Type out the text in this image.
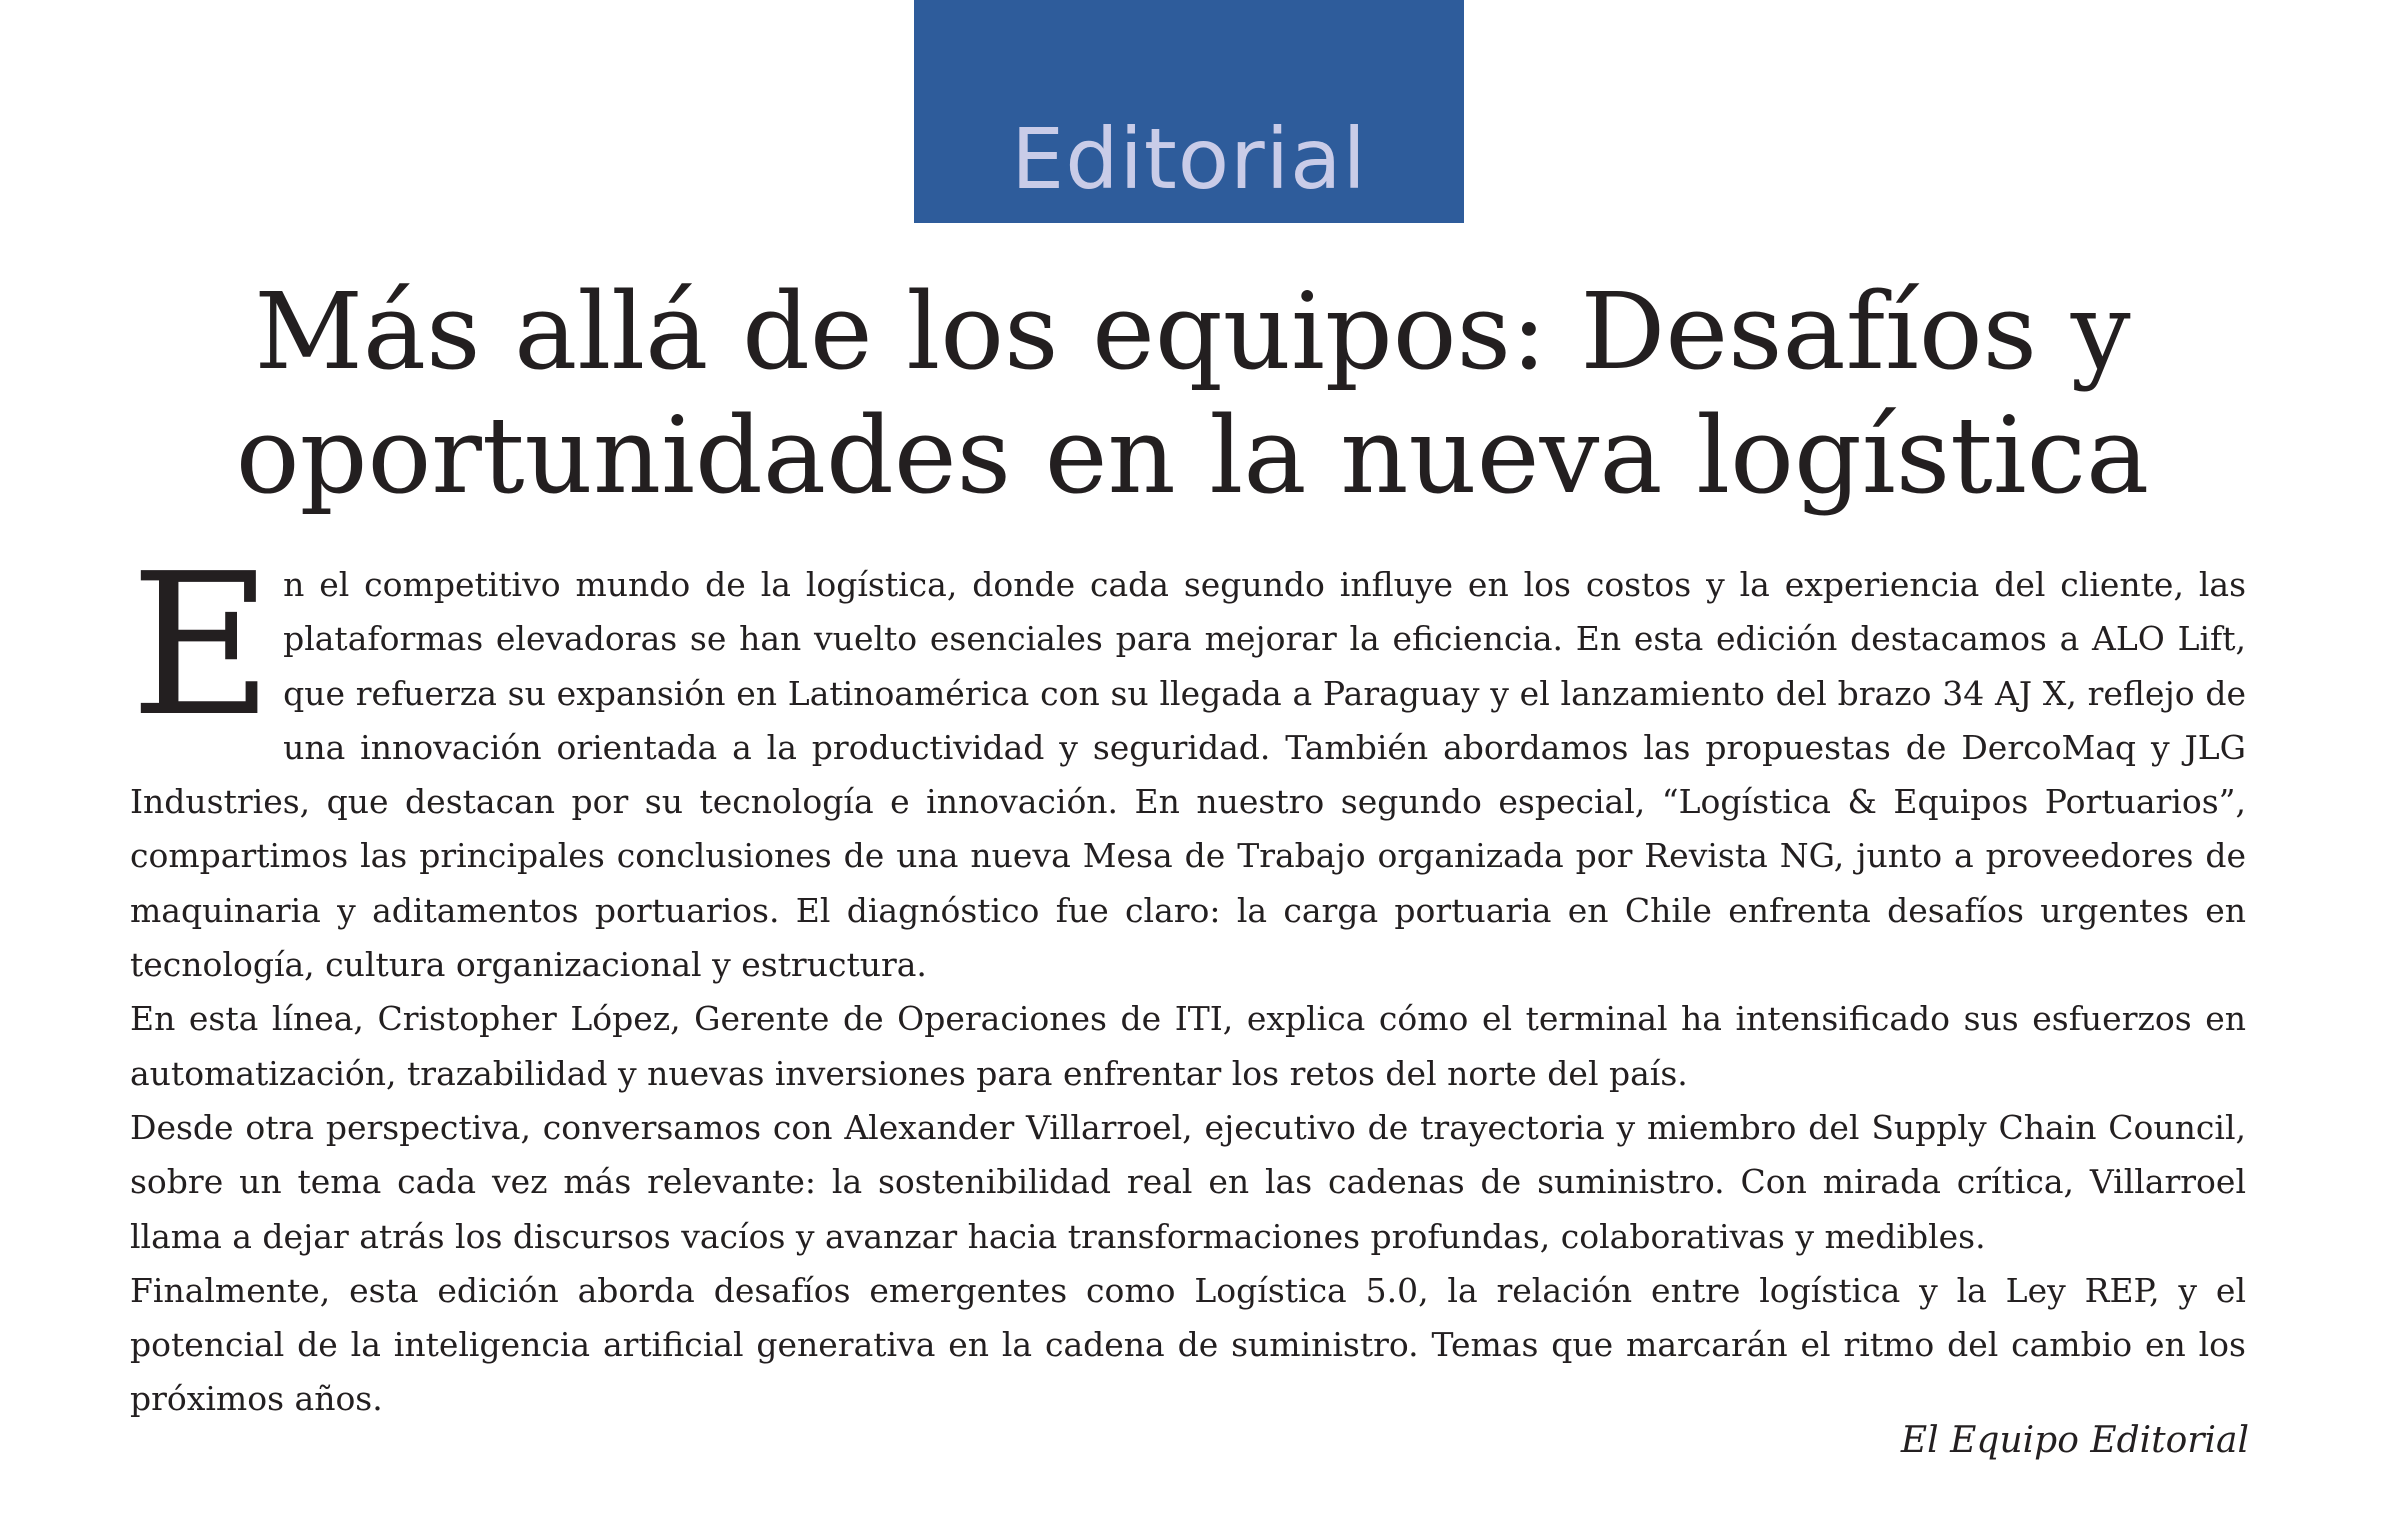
Editorial
Más allá de los equipos: Desafíos y oportunidades en la nueva logística

En el competitivo mundo de la logística, donde cada segundo influye en los costos y la experiencia del cliente, las plataformas elevadoras se han vuelto esenciales para mejorar la eficiencia. En esta edición destacamos a ALO Lift, que refuerza su expansión en Latinoamérica con su llegada a Paraguay y el lanzamiento del brazo 34 AJ X, reflejo de una innovación orientada a la productividad y seguridad. También abordamos las propuestas de DercoMaq y JLG Industries, que destacan por su tecnología e innovación. En nuestro segundo especial, “Logística & Equipos Portuarios”, compartimos las principales conclusiones de una nueva Mesa de Trabajo organizada por Revista NG, junto a proveedores de maquinaria y aditamentos portuarios. El diagnóstico fue claro: la carga portuaria en Chile enfrenta desafíos urgentes en tecnología, cultura organizacional y estructura.

En esta línea, Cristopher López, Gerente de Operaciones de ITI, explica cómo el terminal ha intensificado sus esfuerzos en automatización, trazabilidad y nuevas inversiones para enfrentar los retos del norte del país.

Desde otra perspectiva, conversamos con Alexander Villarroel, ejecutivo de trayectoria y miembro del Supply Chain Council, sobre un tema cada vez más relevante: la sostenibilidad real en las cadenas de suministro. Con mirada crítica, Villarroel llama a dejar atrás los discursos vacíos y avanzar hacia transformaciones profundas, colaborativas y medibles.

Finalmente, esta edición aborda desafíos emergentes como Logística 5.0, la relación entre logística y la Ley REP, y el potencial de la inteligencia artificial generativa en la cadena de suministro. Temas que marcarán el ritmo del cambio en los próximos años.

El Equipo Editorial
